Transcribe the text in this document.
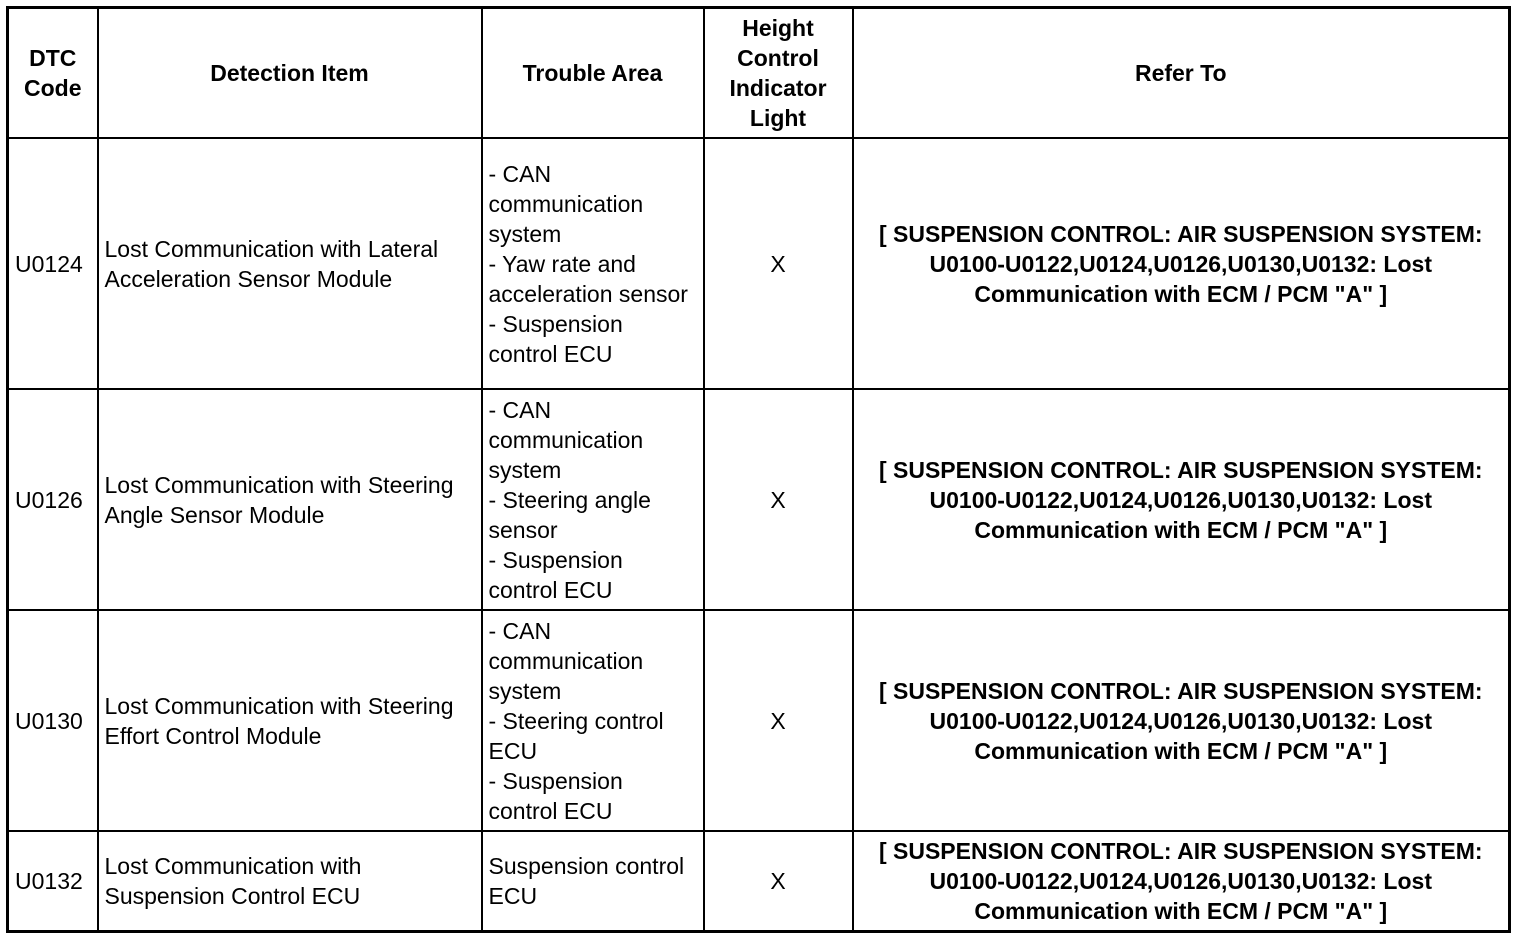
DTC
Code	Detection Item	Trouble Area	Height
Control
Indicator
Light	Refer To
U0124	Lost Communication with Lateral Acceleration Sensor Module	- CAN communication system
- Yaw rate and acceleration sensor
- Suspension control ECU	X	[ SUSPENSION CONTROL: AIR SUSPENSION SYSTEM: U0100-U0122,U0124,U0126,U0130,U0132: Lost Communication with ECM / PCM "A" ]
U0126	Lost Communication with Steering Angle Sensor Module	- CAN communication system
- Steering angle sensor
- Suspension control ECU	X	[ SUSPENSION CONTROL: AIR SUSPENSION SYSTEM: U0100-U0122,U0124,U0126,U0130,U0132: Lost Communication with ECM / PCM "A" ]
U0130	Lost Communication with Steering Effort Control Module	- CAN communication system
- Steering control ECU
- Suspension control ECU	X	[ SUSPENSION CONTROL: AIR SUSPENSION SYSTEM: U0100-U0122,U0124,U0126,U0130,U0132: Lost Communication with ECM / PCM "A" ]
U0132	Lost Communication with Suspension Control ECU	Suspension control ECU	X	[ SUSPENSION CONTROL: AIR SUSPENSION SYSTEM: U0100-U0122,U0124,U0126,U0130,U0132: Lost Communication with ECM / PCM "A" ]
